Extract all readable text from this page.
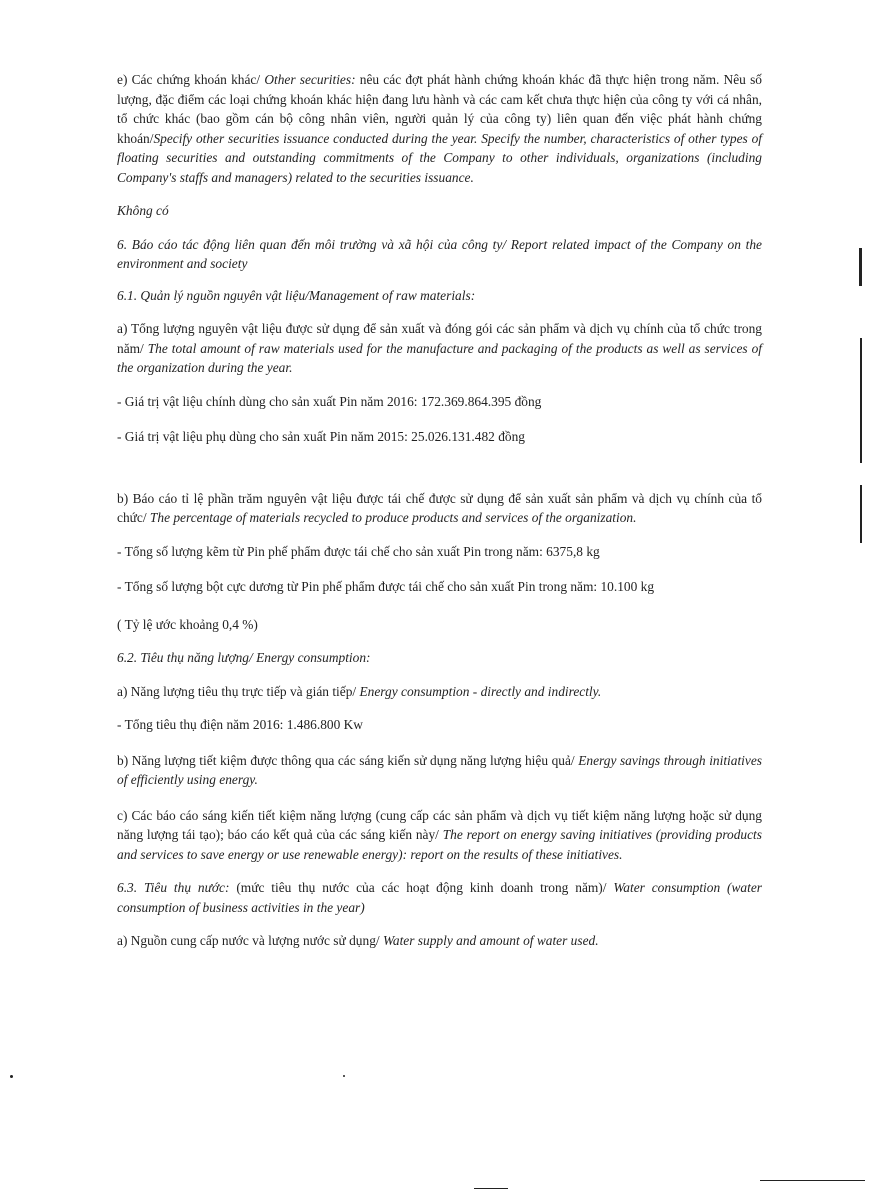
e) Các chứng khoán khác/ Other securities: nêu các đợt phát hành chứng khoán khác đã thực hiện trong năm. Nêu số lượng, đặc điểm các loại chứng khoán khác hiện đang lưu hành và các cam kết chưa thực hiện của công ty với cá nhân, tổ chức khác (bao gồm cán bộ công nhân viên, người quản lý của công ty) liên quan đến việc phát hành chứng khoán/Specify other securities issuance conducted during the year. Specify the number, characteristics of other types of floating securities and outstanding commitments of the Company to other individuals, organizations (including Company's staffs and managers) related to the securities issuance.

Không có

6. Báo cáo tác động liên quan đến môi trường và xã hội của công ty/ Report related impact of the Company on the environment and society

6.1. Quản lý nguồn nguyên vật liệu/Management of raw materials:

a) Tổng lượng nguyên vật liệu được sử dụng để sản xuất và đóng gói các sản phẩm và dịch vụ chính của tổ chức trong năm/ The total amount of raw materials used for the manufacture and packaging of the products as well as services of the organization during the year.

- Giá trị vật liệu chính dùng cho sản xuất Pin năm 2016: 172.369.864.395 đồng

- Giá trị vật liệu phụ dùng cho sản xuất Pin năm 2015: 25.026.131.482 đồng

b) Báo cáo tỉ lệ phần trăm nguyên vật liệu được tái chế được sử dụng để sản xuất sản phẩm và dịch vụ chính của tổ chức/ The percentage of materials recycled to produce products and services of the organization.

- Tổng số lượng kẽm từ Pin phế phẩm được tái chế cho sản xuất Pin trong năm: 6375,8 kg

- Tổng số lượng bột cực dương từ Pin phế phẩm được tái chế cho sản xuất Pin trong năm: 10.100 kg

( Tỷ lệ ước khoảng 0,4 %)

6.2. Tiêu thụ năng lượng/ Energy consumption:

a) Năng lượng tiêu thụ trực tiếp và gián tiếp/ Energy consumption - directly and indirectly.

- Tổng tiêu thụ điện năm 2016: 1.486.800 Kw

b) Năng lượng tiết kiệm được thông qua các sáng kiến sử dụng năng lượng hiệu quả/ Energy savings through initiatives of efficiently using energy.

c) Các báo cáo sáng kiến tiết kiệm năng lượng (cung cấp các sản phẩm và dịch vụ tiết kiệm năng lượng hoặc sử dụng năng lượng tái tạo); báo cáo kết quả của các sáng kiến này/ The report on energy saving initiatives (providing products and services to save energy or use renewable energy): report on the results of these initiatives.

6.3. Tiêu thụ nước: (mức tiêu thụ nước của các hoạt động kinh doanh trong năm)/ Water consumption (water consumption of business activities in the year)

a) Nguồn cung cấp nước và lượng nước sử dụng/ Water supply and amount of water used.
